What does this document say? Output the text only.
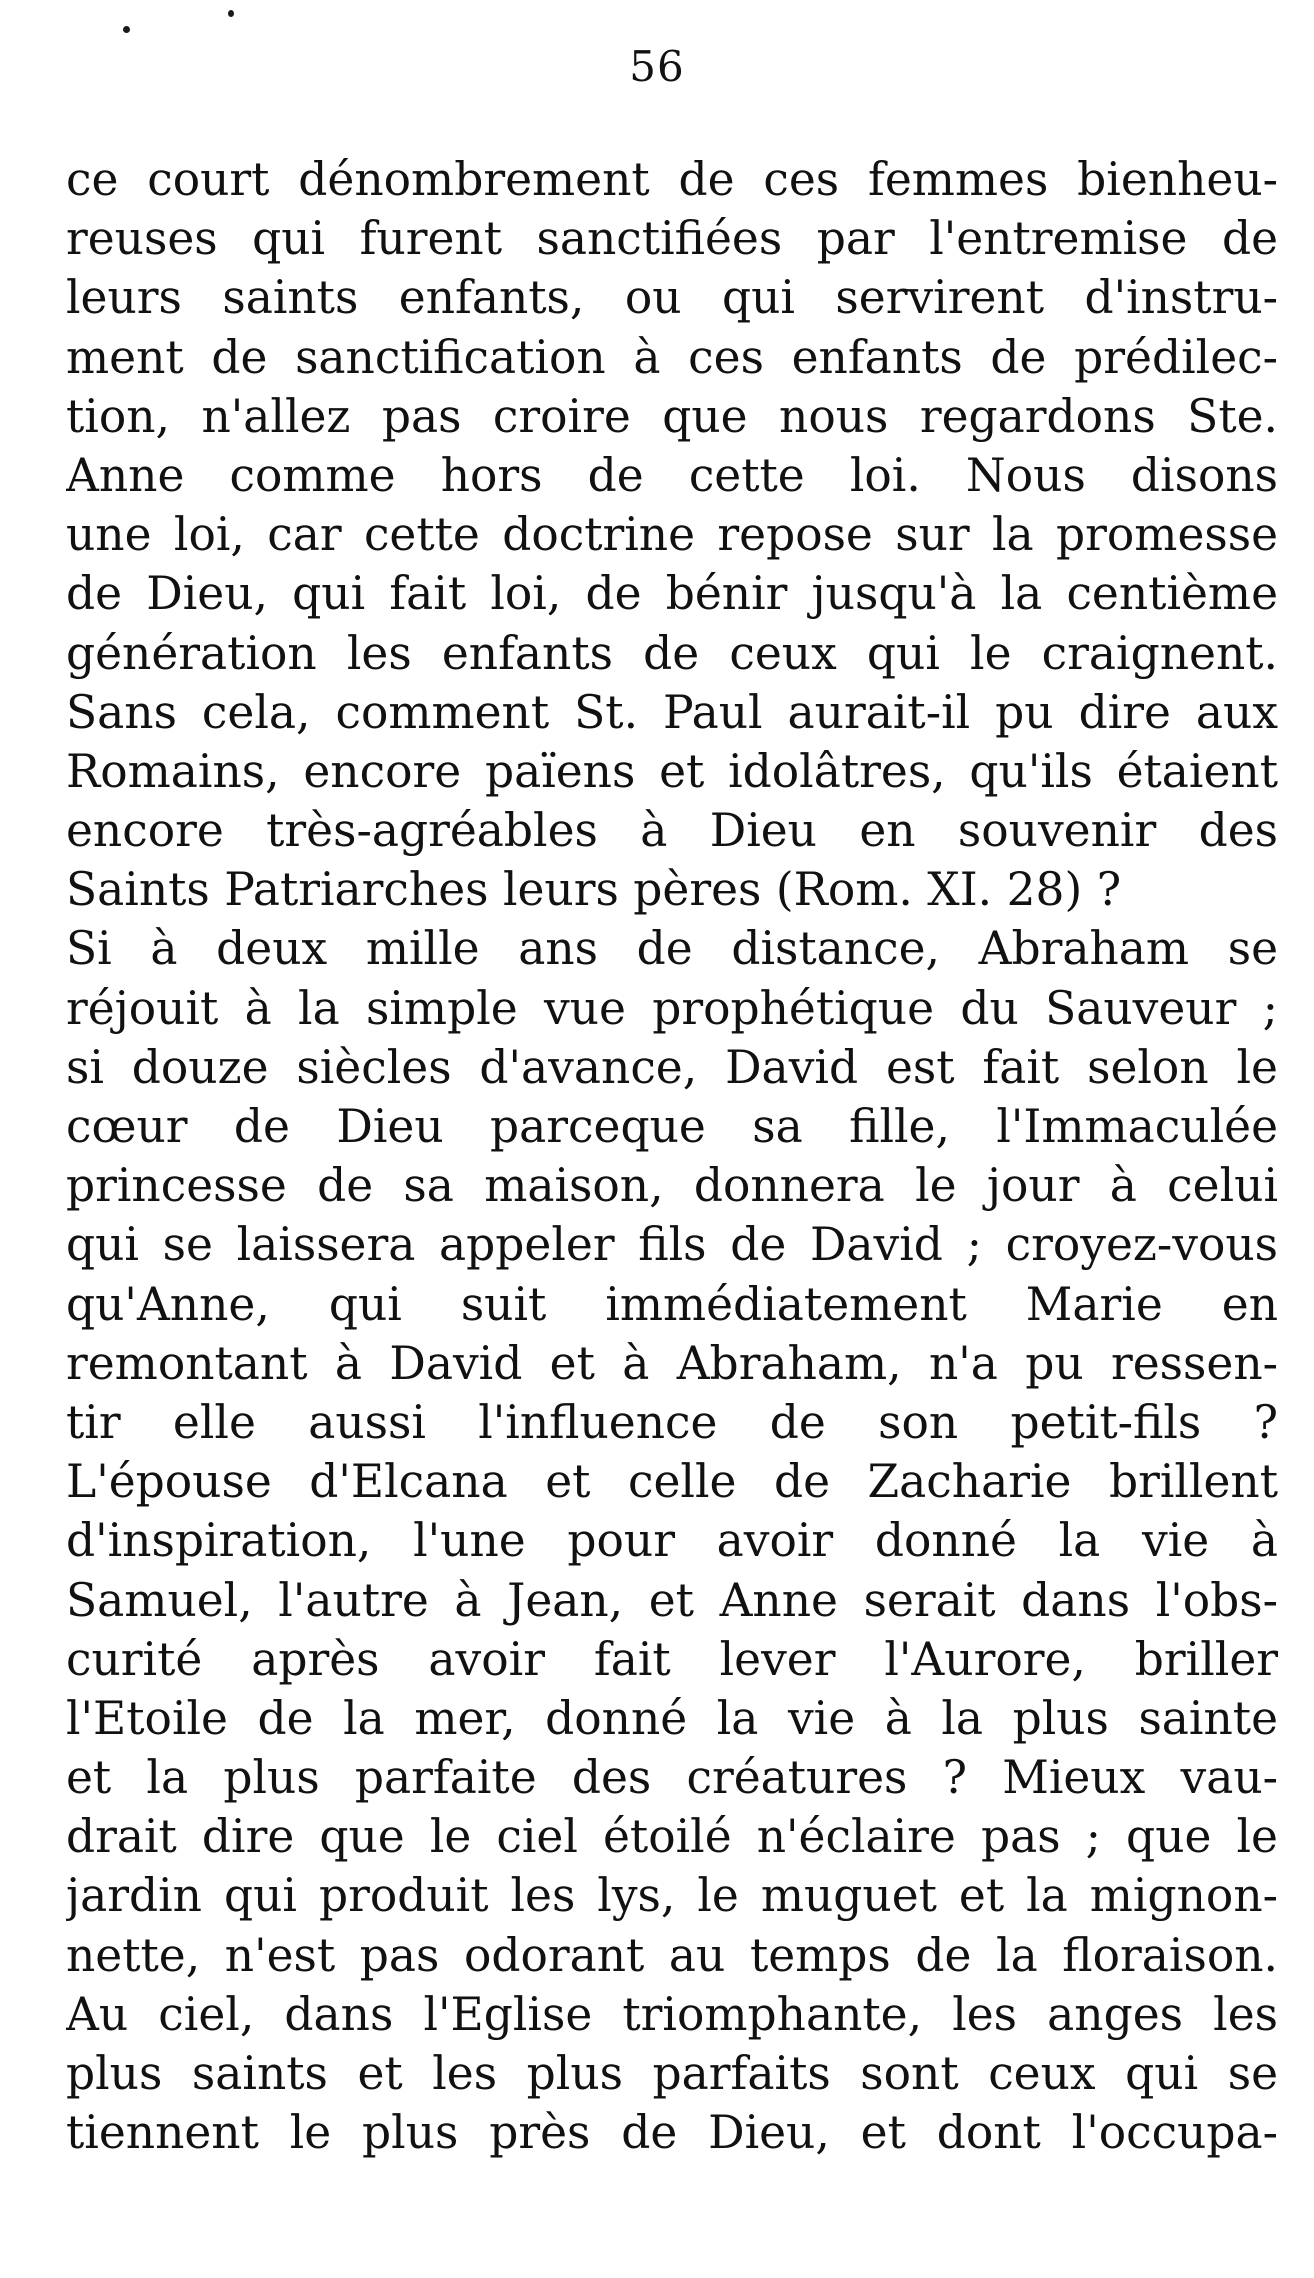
56
ce court dénombrement de ces femmes bienheu-
reuses qui furent sanctifiées par l'entremise de
leurs saints enfants, ou qui servirent d'instru-
ment de sanctification à ces enfants de prédilec-
tion, n'allez pas croire que nous regardons Ste.
Anne comme hors de cette loi. Nous disons
une loi, car cette doctrine repose sur la promesse
de Dieu, qui fait loi, de bénir jusqu'à la centième
génération les enfants de ceux qui le craignent.
Sans cela, comment St. Paul aurait-il pu dire aux
Romains, encore païens et idolâtres, qu'ils étaient
encore très-agréables à Dieu en souvenir des
Saints Patriarches leurs pères (Rom. XI. 28) ?
Si à deux mille ans de distance, Abraham se
réjouit à la simple vue prophétique du Sauveur ;
si douze siècles d'avance, David est fait selon le
cœur de Dieu parceque sa fille, l'Immaculée
princesse de sa maison, donnera le jour à celui
qui se laissera appeler fils de David ; croyez-vous
qu'Anne, qui suit immédiatement Marie en
remontant à David et à Abraham, n'a pu ressen-
tir elle aussi l'influence de son petit-fils ?
L'épouse d'Elcana et celle de Zacharie brillent
d'inspiration, l'une pour avoir donné la vie à
Samuel, l'autre à Jean, et Anne serait dans l'obs-
curité après avoir fait lever l'Aurore, briller
l'Etoile de la mer, donné la vie à la plus sainte
et la plus parfaite des créatures ? Mieux vau-
drait dire que le ciel étoilé n'éclaire pas ; que le
jardin qui produit les lys, le muguet et la mignon-
nette, n'est pas odorant au temps de la floraison.
Au ciel, dans l'Eglise triomphante, les anges les
plus saints et les plus parfaits sont ceux qui se
tiennent le plus près de Dieu, et dont l'occupa-
